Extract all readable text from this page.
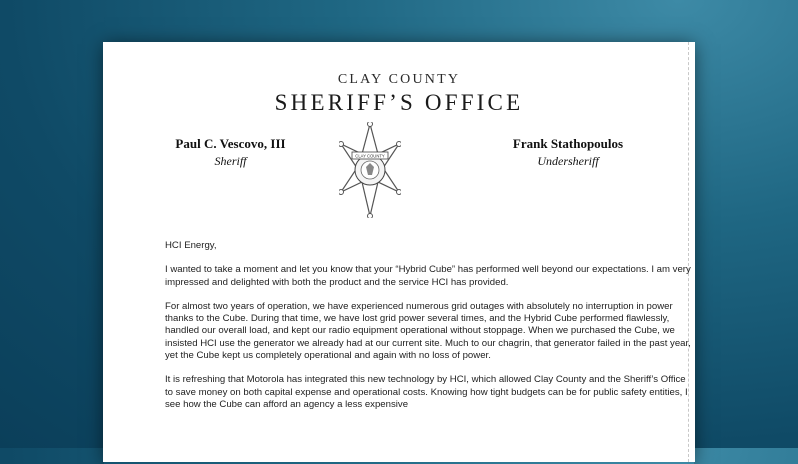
CLAY COUNTY
SHERIFF’S OFFICE
Paul C. Vescovo, III
Sheriff	CLAY COUNTY
Frank Stathopoulos
Undersheriff

HCI Energy,

I wanted to take a moment and let you know that your “Hybrid Cube” has performed well beyond our expectations. I am very impressed and delighted with both the product and the service HCI has provided.

For almost two years of operation, we have experienced numerous grid outages with absolutely no interruption in power thanks to the Cube. During that time, we have lost grid power several times, and the Hybrid Cube performed flawlessly, handled our overall load, and kept our radio equipment operational without stoppage. When we purchased the Cube, we insisted HCI use the generator we already had at our current site. Much to our chagrin, that generator failed in the past year, yet the Cube kept us completely operational and again with no loss of power.

It is refreshing that Motorola has integrated this new technology by HCI, which allowed Clay County and the Sheriff’s Office to save money on both capital expense and operational costs. Knowing how tight budgets can be for public safety entities, I see how the Cube can afford an agency a less expensive
